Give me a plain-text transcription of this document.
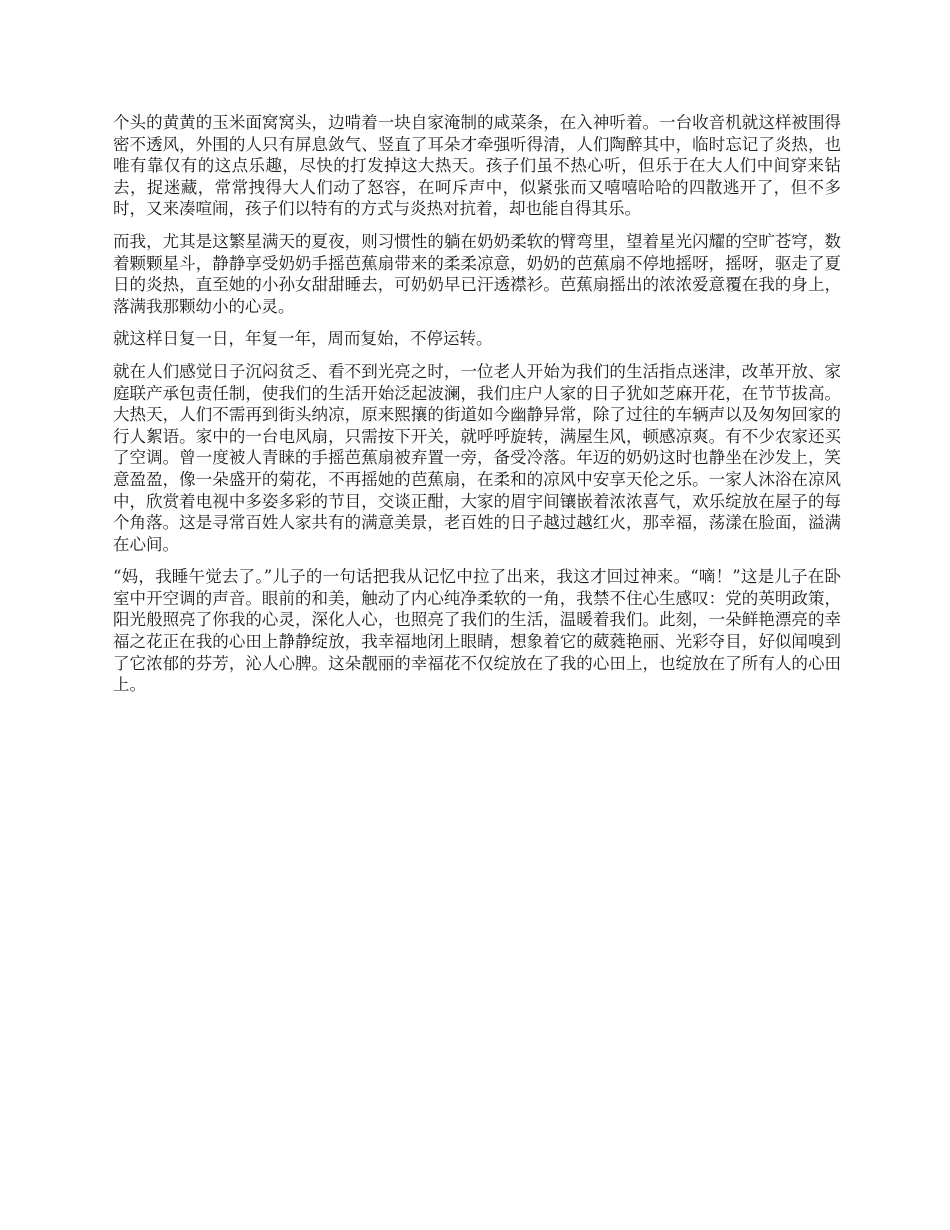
个头的黄黄的玉米面窝窝头，边啃着一块自家淹制的咸菜条，在入神听着。一台收音机就这样被围得密不透风，外围的人只有屏息敛气、竖直了耳朵才牵强听得清，人们陶醉其中，临时忘记了炎热，也唯有靠仅有的这点乐趣，尽快的打发掉这大热天。孩子们虽不热心听，但乐于在大人们中间穿来钻去，捉迷藏，常常拽得大人们动了怒容，在呵斥声中，似紧张而又嘻嘻哈哈的四散逃开了，但不多时，又来凑喧闹，孩子们以特有的方式与炎热对抗着，却也能自得其乐。

而我，尤其是这繁星满天的夏夜，则习惯性的躺在奶奶柔软的臂弯里，望着星光闪耀的空旷苍穹，数着颗颗星斗，静静享受奶奶手摇芭蕉扇带来的柔柔凉意，奶奶的芭蕉扇不停地摇呀，摇呀，驱走了夏日的炎热，直至她的小孙女甜甜睡去，可奶奶早已汗透襟衫。芭蕉扇摇出的浓浓爱意覆在我的身上，落满我那颗幼小的心灵。

就这样日复一日，年复一年，周而复始，不停运转。

就在人们感觉日子沉闷贫乏、看不到光亮之时，一位老人开始为我们的生活指点迷津，改革开放、家庭联产承包责任制，使我们的生活开始泛起波澜，我们庄户人家的日子犹如芝麻开花，在节节拔高。大热天，人们不需再到街头纳凉，原来熙攘的街道如今幽静异常，除了过往的车辆声以及匆匆回家的行人絮语。家中的一台电风扇，只需按下开关，就呼呼旋转，满屋生风，顿感凉爽。有不少农家还买了空调。曾一度被人青睐的手摇芭蕉扇被弃置一旁，备受冷落。年迈的奶奶这时也静坐在沙发上，笑意盈盈，像一朵盛开的菊花，不再摇她的芭蕉扇，在柔和的凉风中安享天伦之乐。一家人沐浴在凉风中，欣赏着电视中多姿多彩的节目，交谈正酣，大家的眉宇间镶嵌着浓浓喜气，欢乐绽放在屋子的每个角落。这是寻常百姓人家共有的满意美景，老百姓的日子越过越红火，那幸福，荡漾在脸面，溢满在心间。

“妈，我睡午觉去了。”儿子的一句话把我从记忆中拉了出来，我这才回过神来。“嘀！”这是儿子在卧室中开空调的声音。眼前的和美，触动了内心纯净柔软的一角，我禁不住心生感叹：党的英明政策，阳光般照亮了你我的心灵，深化人心，也照亮了我们的生活，温暖着我们。此刻，一朵鲜艳漂亮的幸福之花正在我的心田上静静绽放，我幸福地闭上眼睛，想象着它的葳蕤艳丽、光彩夺目，好似闻嗅到了它浓郁的芬芳，沁人心脾。这朵靓丽的幸福花不仅绽放在了我的心田上，也绽放在了所有人的心田上。
